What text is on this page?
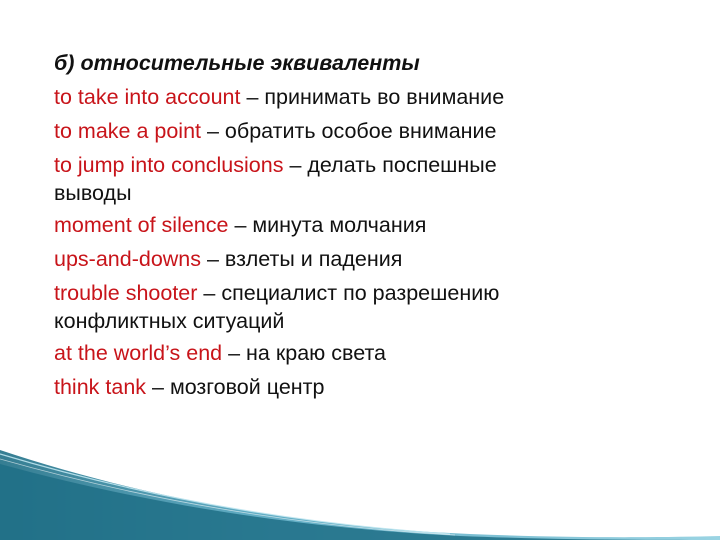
б) относительные эквиваленты
to take into account – принимать во внимание
to make a point – обратить особое внимание
to jump into conclusions – делать поспешные
выводы
moment of silence – минута молчания
ups-and-downs – взлеты и падения
trouble shooter – специалист по разрешению
конфликтных ситуаций
at the world’s end – на краю света
think tank – мозговой центр
